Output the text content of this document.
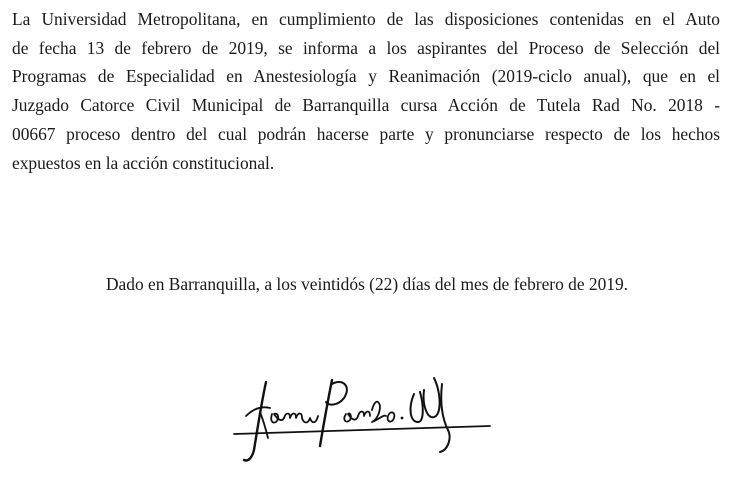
La Universidad Metropolitana, en cumplimiento de las disposiciones contenidas en el Auto
de fecha 13 de febrero de 2019, se informa a los aspirantes del Proceso de Selección del
Programas de Especialidad en Anestesiología y Reanimación (2019-ciclo anual), que en el
Juzgado Catorce Civil Municipal de Barranquilla cursa Acción de Tutela Rad No. 2018 -
00667 proceso dentro del cual podrán hacerse parte y pronunciarse respecto de los hechos
expuestos en la acción constitucional.

Dado en Barranquilla, a los veintidós (22) días del mes de febrero de 2019.
